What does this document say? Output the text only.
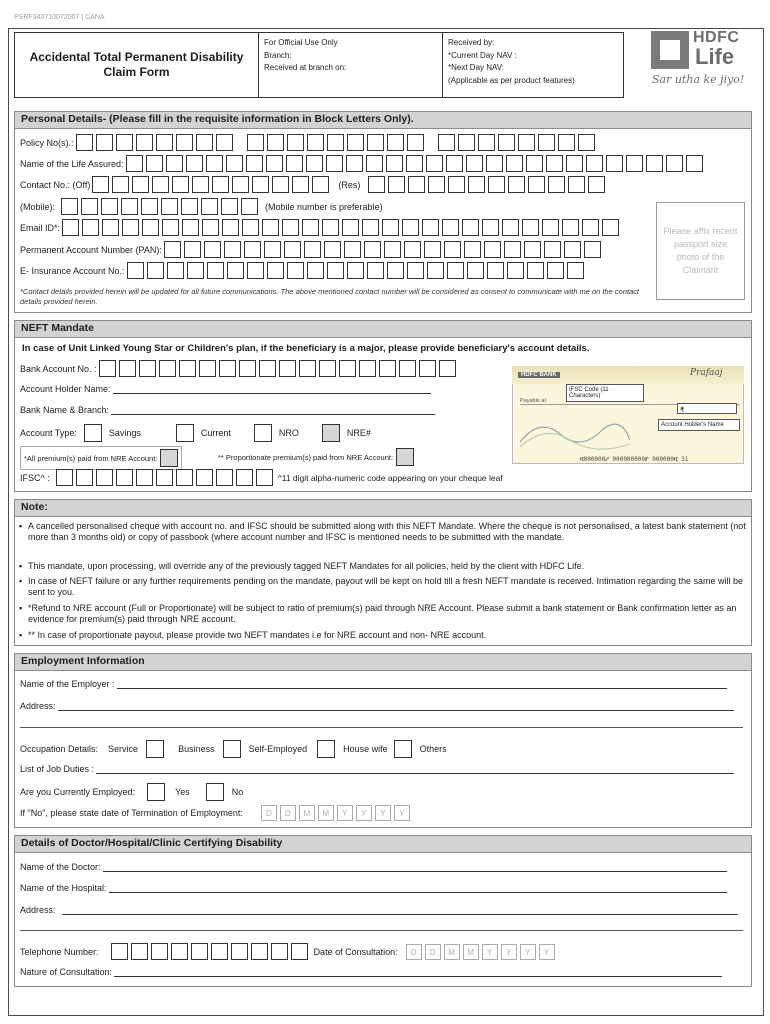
PSRF340710072007 | CANA
Accidental Total Permanent Disability
Claim Form
For Official Use Only
Branch:
Received at branch on:
Received by:
*Current Day NAV :
*Next Day NAV:
(Applicable as per product features)
HDFC
Life
Sar utha ke jiyo!
Personal Details- (Please fill in the requisite information in Block Letters Only).
Policy No(s).:
Name of the Life Assured:
Contact No.: (Off)	(Res)
(Mobile):	(Mobile number is preferable)
Email ID*:
Permanent Account Number (PAN):
E- Insurance Account No.:
Please affix recent passport size photo of the Claimant
*Contact details provided herein will be updated for all future communications. The above mentioned contact number will be considered as consent to communicate with me on the contact details provided herein.
NEFT Mandate
In case of Unit Linked Young Star or Children's plan, if the beneficiary is a major, please provide beneficiary's account details.
Bank Account No. :
Account Holder Name:
Bank Name & Branch:
Account Type:	Savings	Current	NRO	NRE#
*All premium(s) paid from NRE Account:	** Proportionate premium(s) paid from NRE Account:
IFSC^ :	^11 digit alpha-numeric code appearing on your cheque leaf
HDFC BANK	Prafaaj
IFSC Code (11 Characters)
Payable at
₹
Account Holder's Name
⑆000000⑇ 000000000⑈ 000000⑆ 31
Note:
▪ A cancelled personalised cheque with account no. and IFSC should be submitted along with this NEFT Mandate. Where the cheque is not personalised, a latest bank statement (not more than 3 months old) or copy of passbook (where account number and IFSC is mentioned needs to be submitted with the mandate.
▪ This mandate, upon processing, will override any of the previously tagged NEFT Mandates for all policies, held by the client with HDFC Life.
▪ In case of NEFT failure or any further requirements pending on the mandate, payout will be kept on hold till a fresh NEFT mandate is received. Intimation regarding the same will be sent to you.
▪ *Refund to NRE account (Full or Proportionate) will be subject to ratio of premium(s) paid through NRE Account. Please submit a bank statement or Bank confirmation letter as an evidence for premium(s) paid through NRE account.
▪ ** In case of proportionate payout, please provide two NEFT mandates i.e for NRE account and non- NRE account.
Employment Information
Name of the Employer :
Address:
Occupation Details: Service	Business	Self-Employed	House wife	Others
List of Job Duties :
Are you Currently Employed:	Yes	No
If "No", please state date of Termination of Employment:	D D M M Y Y Y Y
Details of Doctor/Hospital/Clinic Certifying Disability
Name of the Doctor:
Name of the Hospital:
Address:
Telephone Number:	Date of Consultation:	D D M M Y Y Y Y
Nature of Consultation:
